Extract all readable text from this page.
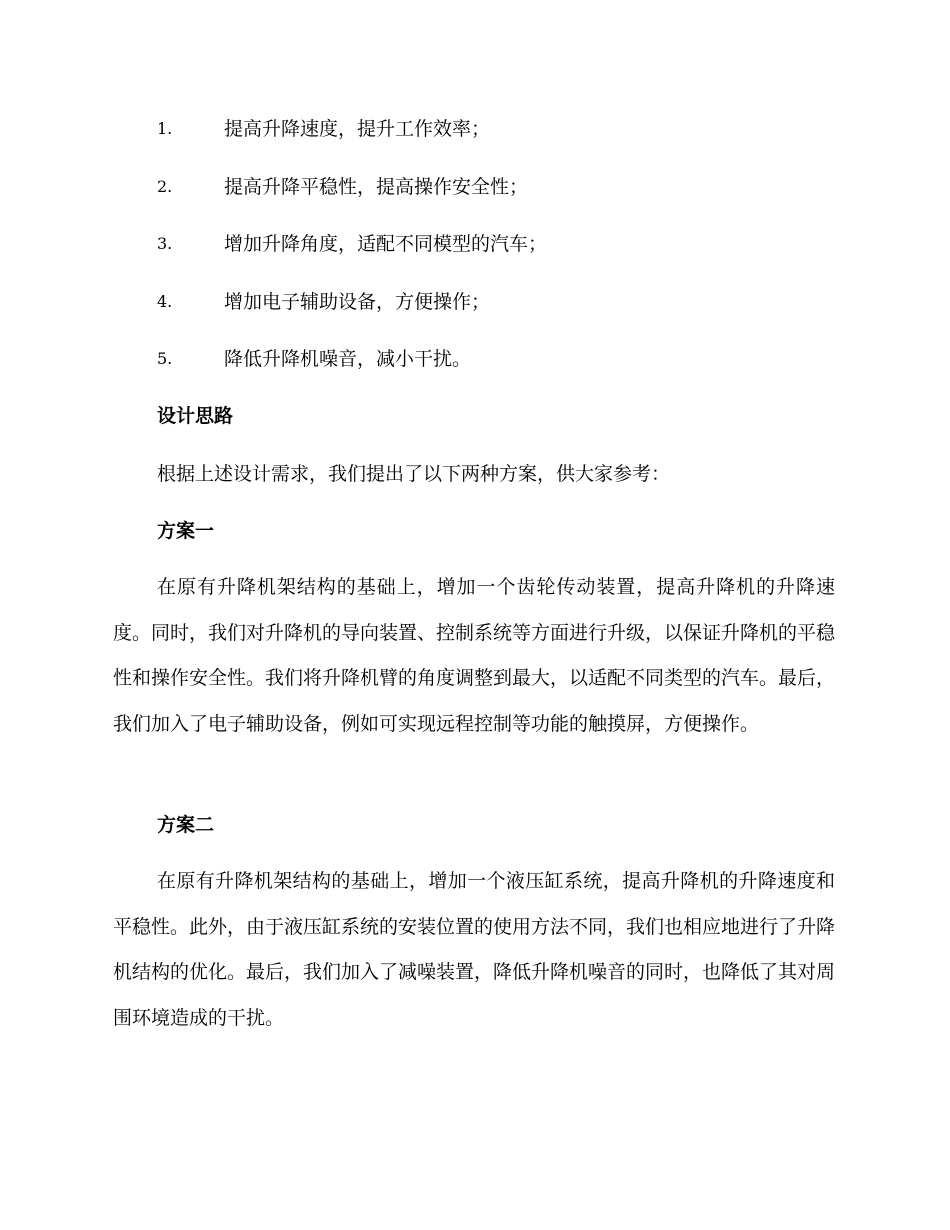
1.	提高升降速度，提升工作效率；
2.	提高升降平稳性，提高操作安全性；
3.	增加升降角度，适配不同模型的汽车；
4.	增加电子辅助设备，方便操作；
5.	降低升降机噪音，减小干扰。
设计思路
根据上述设计需求，我们提出了以下两种方案，供大家参考：
方案一

在原有升降机架结构的基础上，增加一个齿轮传动装置，提高升降机的升降速度。同时，我们对升降机的导向装置、控制系统等方面进行升级，以保证升降机的平稳性和操作安全性。我们将升降机臂的角度调整到最大，以适配不同类型的汽车。最后，我们加入了电子辅助设备，例如可实现远程控制等功能的触摸屏，方便操作。

方案二

在原有升降机架结构的基础上，增加一个液压缸系统，提高升降机的升降速度和平稳性。此外，由于液压缸系统的安装位置的使用方法不同，我们也相应地进行了升降机结构的优化。最后，我们加入了减噪装置，降低升降机噪音的同时，也降低了其对周围环境造成的干扰。
